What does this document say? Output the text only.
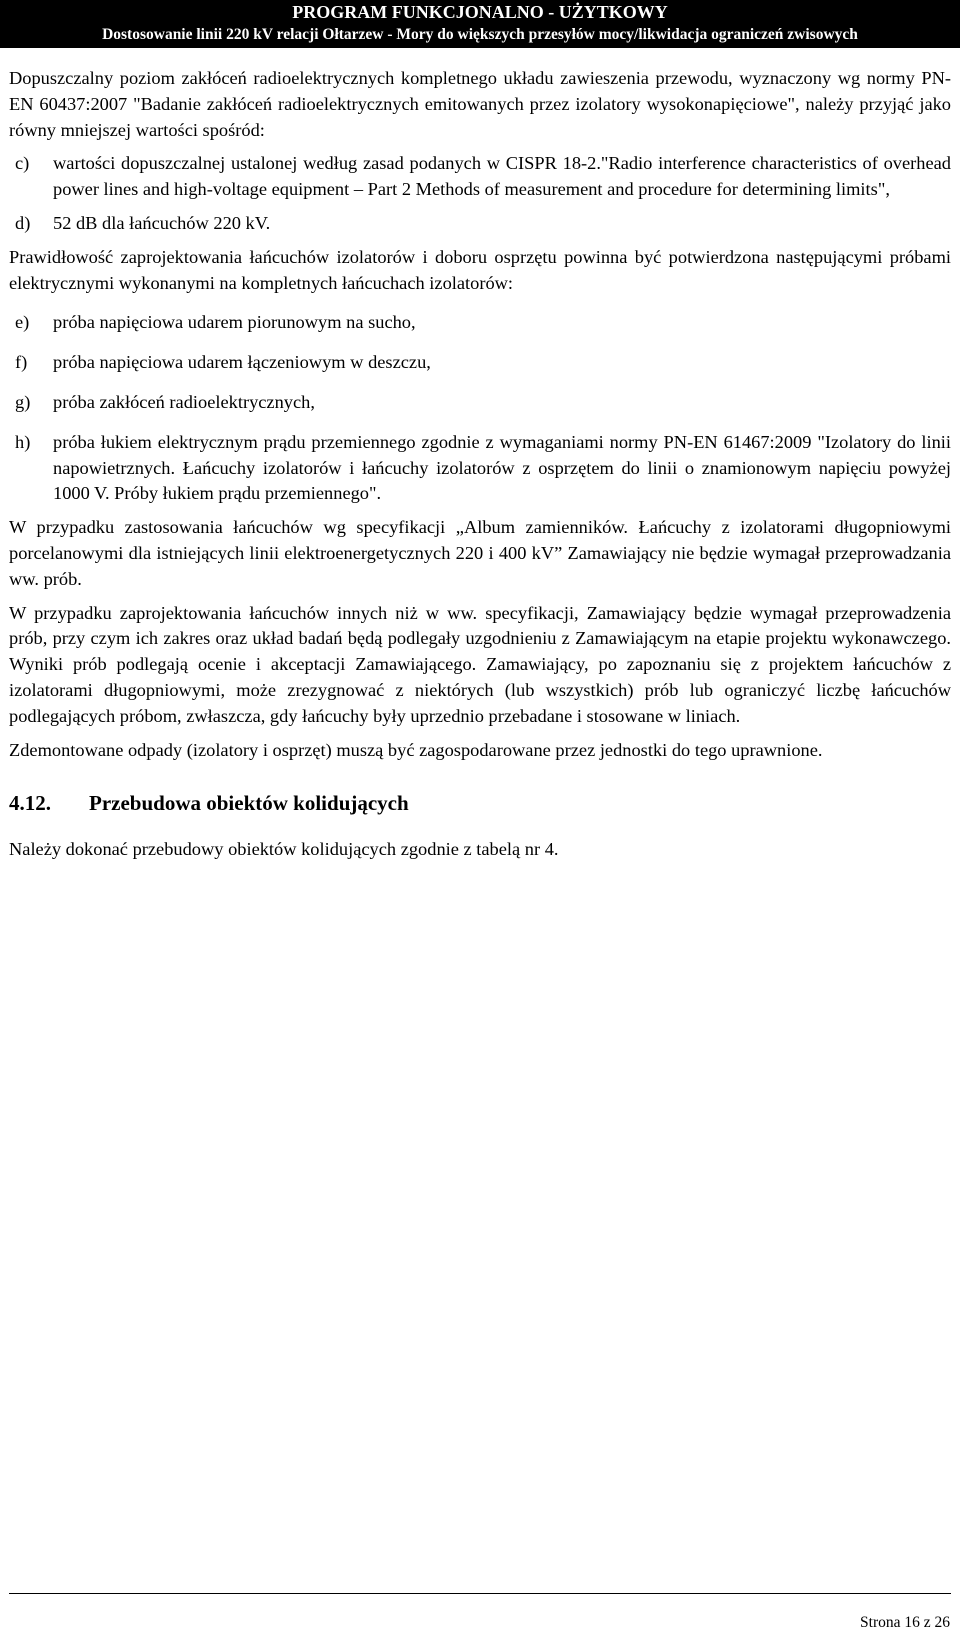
PROGRAM FUNKCJONALNO - UŻYTKOWY
Dostosowanie linii 220 kV relacji Ołtarzew - Mory do większych przesyłów mocy/likwidacja ograniczeń zwisowych

Dopuszczalny poziom zakłóceń radioelektrycznych kompletnego układu zawieszenia przewodu, wyznaczony wg normy PN-EN 60437:2007 "Badanie zakłóceń radioelektrycznych emitowanych przez izolatory wysokonapięciowe", należy przyjąć jako równy mniejszej wartości spośród:

c)	wartości dopuszczalnej ustalonej według zasad podanych w CISPR 18-2."Radio interference characteristics of overhead power lines and high-voltage equipment – Part 2 Methods of measurement and procedure for determining limits",
d)	52 dB dla łańcuchów 220 kV.

Prawidłowość zaprojektowania łańcuchów izolatorów i doboru osprzętu powinna być potwierdzona następującymi próbami elektrycznymi wykonanymi na kompletnych łańcuchach izolatorów:

e)	próba napięciowa udarem piorunowym na sucho,
f)	próba napięciowa udarem łączeniowym w deszczu,
g)	próba zakłóceń radioelektrycznych,
h)	próba łukiem elektrycznym prądu przemiennego zgodnie z wymaganiami normy PN-EN 61467:2009 "Izolatory do linii napowietrznych. Łańcuchy izolatorów i łańcuchy izolatorów z osprzętem do linii o znamionowym napięciu powyżej 1000 V. Próby łukiem prądu przemiennego".

W przypadku zastosowania łańcuchów wg specyfikacji „Album zamienników. Łańcuchy z izolatorami długopniowymi porcelanowymi dla istniejących linii elektroenergetycznych 220 i 400 kV” Zamawiający nie będzie wymagał przeprowadzania ww. prób.

W przypadku zaprojektowania łańcuchów innych niż w ww. specyfikacji, Zamawiający będzie wymagał przeprowadzenia prób, przy czym ich zakres oraz układ badań będą podlegały uzgodnieniu z Zamawiającym na etapie projektu wykonawczego. Wyniki prób podlegają ocenie i akceptacji Zamawiającego. Zamawiający, po zapoznaniu się z projektem łańcuchów z izolatorami długopniowymi, może zrezygnować z niektórych (lub wszystkich) prób lub ograniczyć liczbę łańcuchów podlegających próbom, zwłaszcza, gdy łańcuchy były uprzednio przebadane i stosowane w liniach.

Zdemontowane odpady (izolatory i osprzęt) muszą być zagospodarowane przez jednostki do tego uprawnione.

4.12.	Przebudowa obiektów kolidujących

Należy dokonać przebudowy obiektów kolidujących zgodnie z tabelą nr 4.

Strona 16 z 26
